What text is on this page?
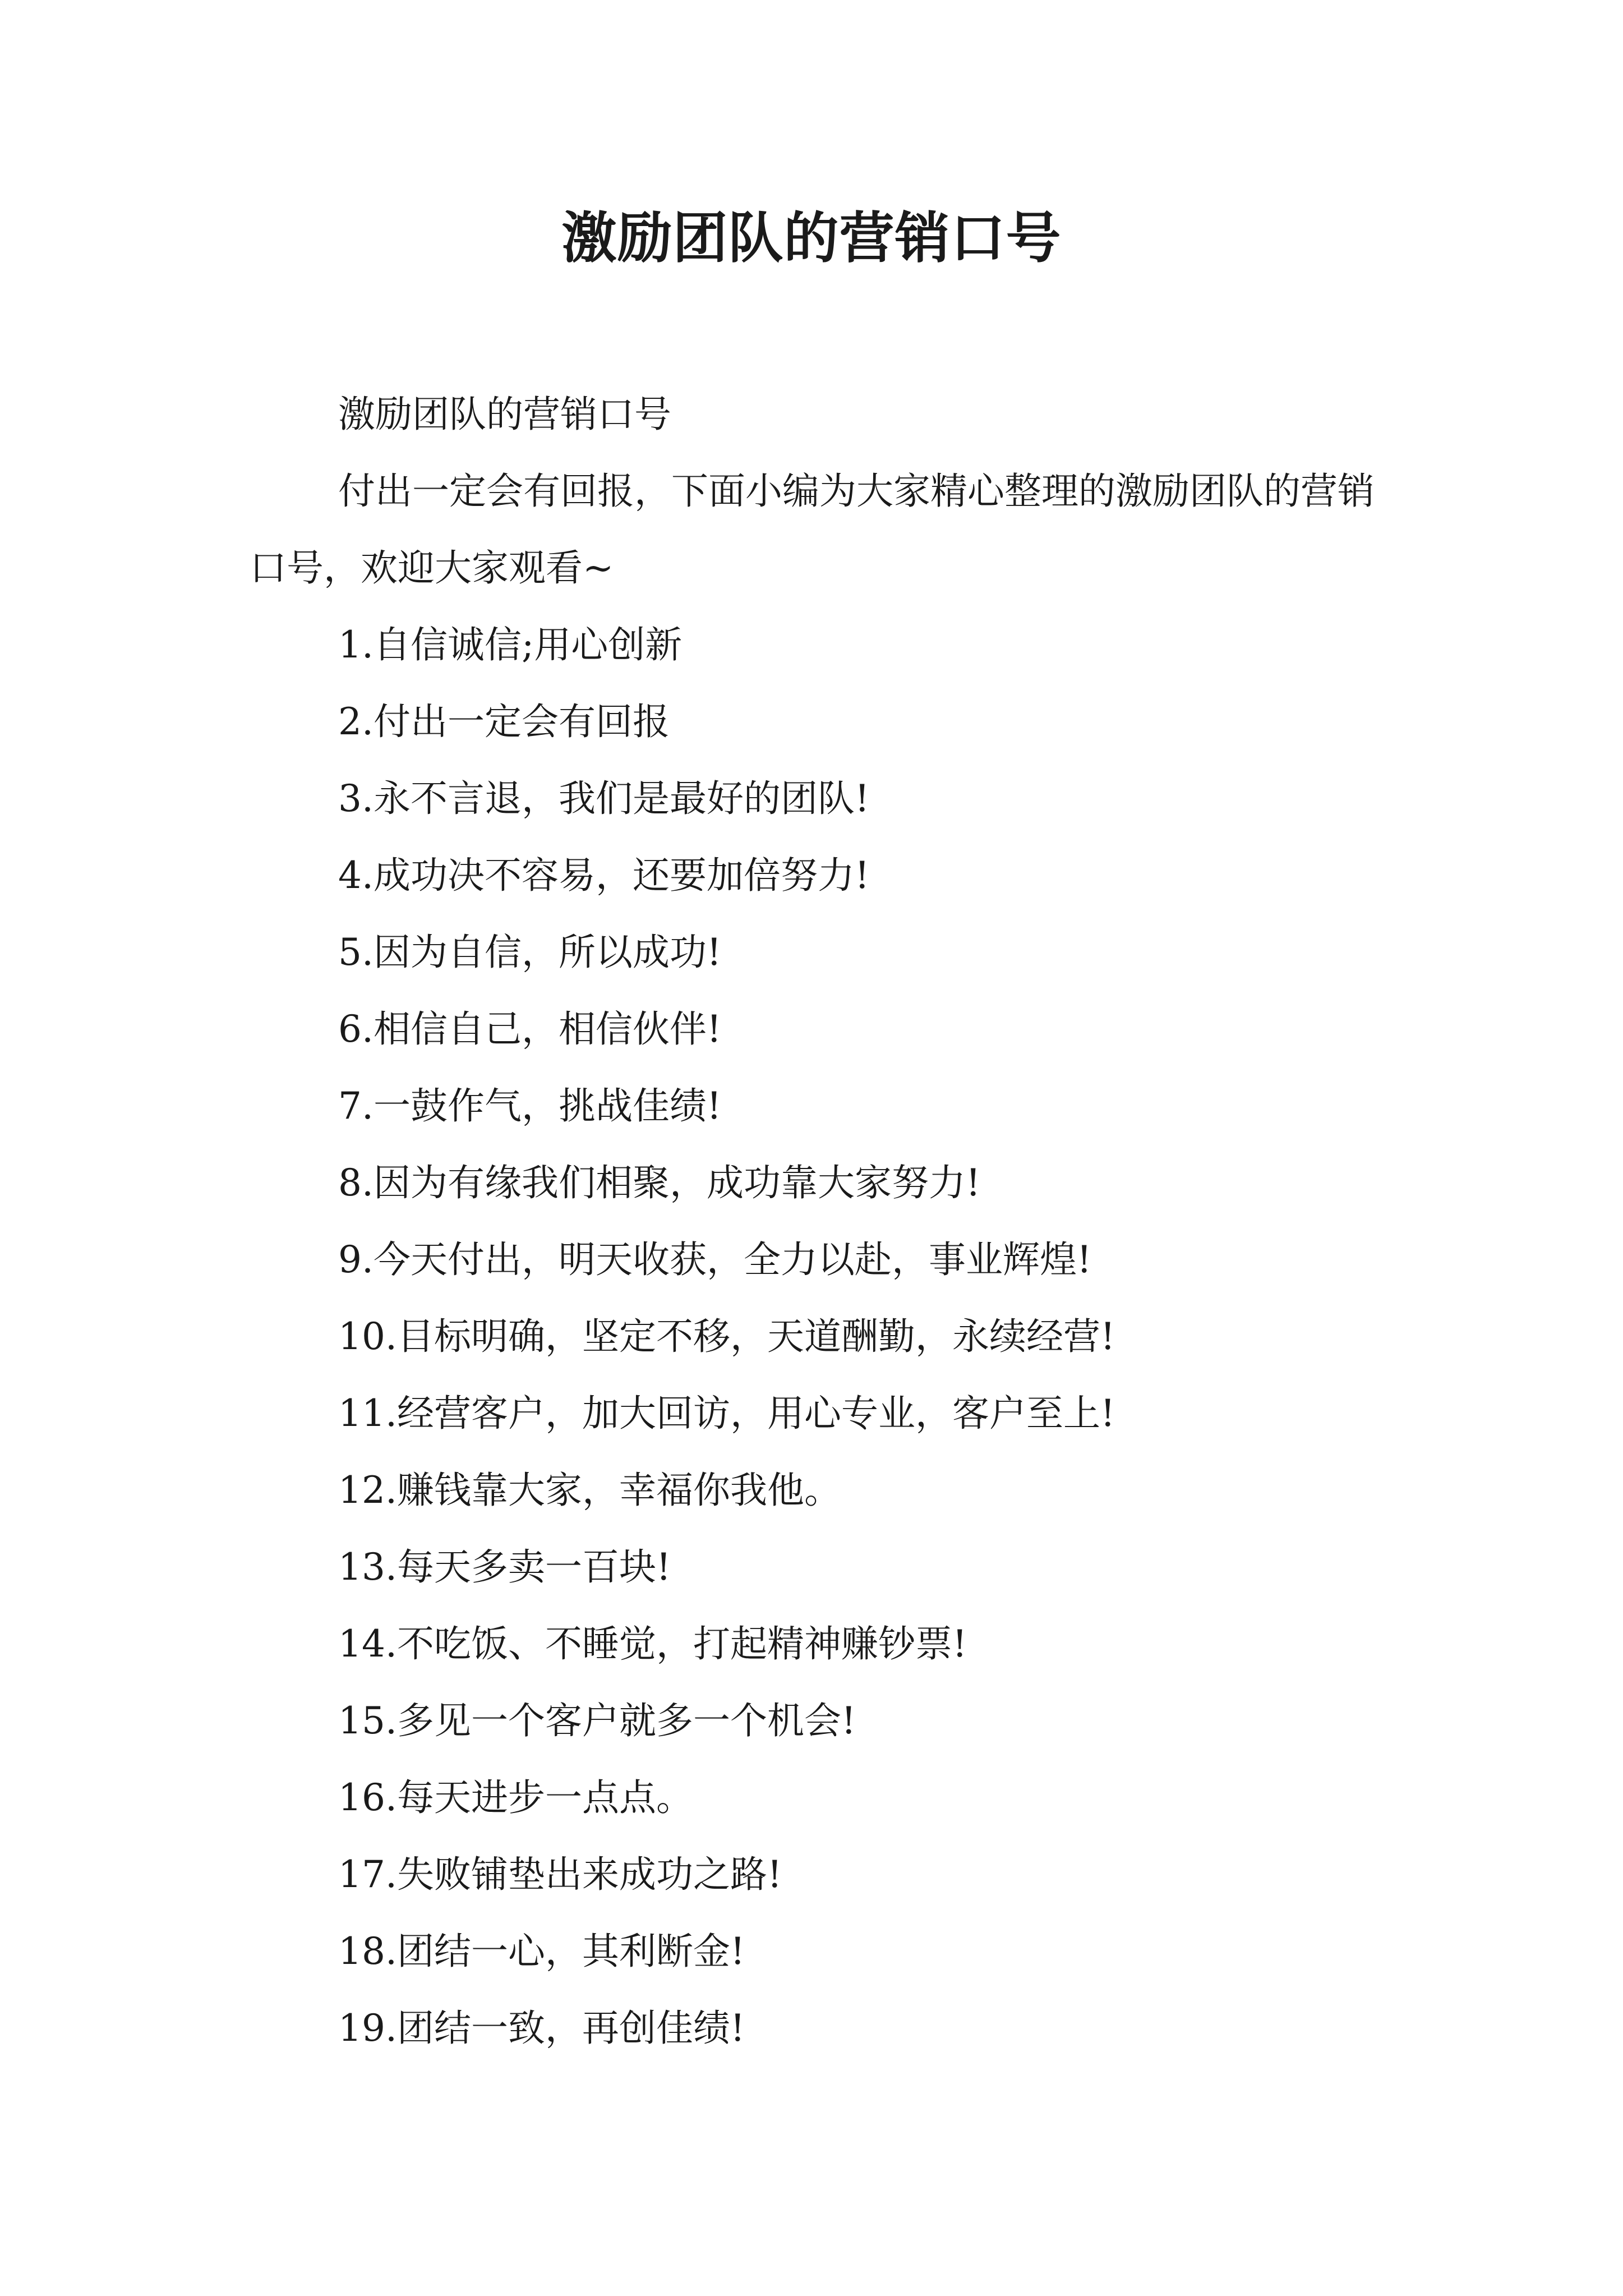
激励团队的营销口号

激励团队的营销口号

付出一定会有回报，下面小编为大家精心整理的激励团队的营销口号，欢迎大家观看~

1.自信诚信;用心创新
2.付出一定会有回报
3.永不言退，我们是最好的团队!
4.成功决不容易，还要加倍努力!
5.因为自信，所以成功!
6.相信自己，相信伙伴!
7.一鼓作气，挑战佳绩!
8.因为有缘我们相聚，成功靠大家努力!
9.今天付出，明天收获，全力以赴，事业辉煌!
10.目标明确，坚定不移，天道酬勤，永续经营!
11.经营客户，加大回访，用心专业，客户至上!
12.赚钱靠大家，幸福你我他。
13.每天多卖一百块!
14.不吃饭、不睡觉，打起精神赚钞票!
15.多见一个客户就多一个机会!
16.每天进步一点点。
17.失败铺垫出来成功之路!
18.团结一心，其利断金!
19.团结一致，再创佳绩!
